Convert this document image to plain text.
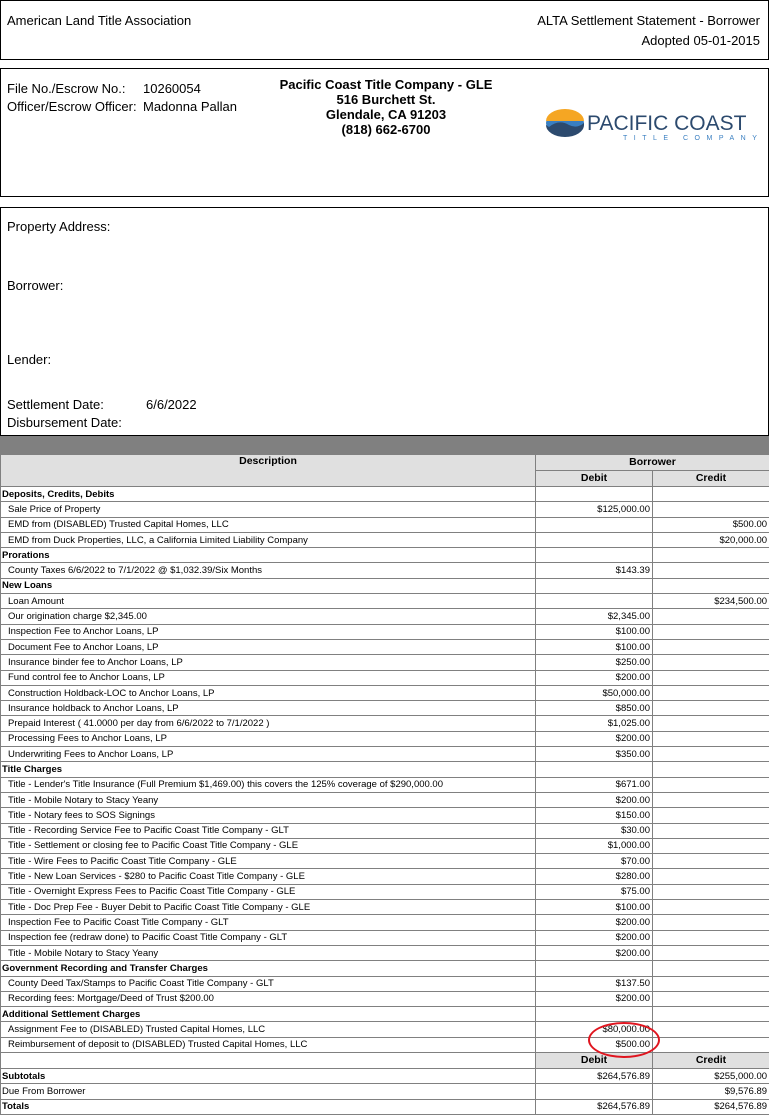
American Land Title Association	ALTA Settlement Statement - Borrower
Adopted 05-01-2015
File No./Escrow No.: 10260054
Officer/Escrow Officer: Madonna Pallan
Pacific Coast Title Company - GLE
516 Burchett St.
Glendale, CA 91203
(818) 662-6700	PACIFIC COAST
TITLE COMPANY
Property Address:
Borrower:
Lender:
Settlement Date:	6/6/2022
Disbursement Date:

Description	Borrower	
	Debit	Credit
Deposits, Credits, Debits		
Sale Price of Property	$125,000.00	
EMD from (DISABLED) Trusted Capital Homes, LLC		$500.00
EMD from Duck Properties, LLC, a California Limited Liability Company		$20,000.00
Prorations		
County Taxes 6/6/2022 to 7/1/2022 @ $1,032.39/Six Months	$143.39	
New Loans		
Loan Amount		$234,500.00
Our origination charge $2,345.00	$2,345.00	
Inspection Fee to Anchor Loans, LP	$100.00	
Document Fee to Anchor Loans, LP	$100.00	
Insurance binder fee to Anchor Loans, LP	$250.00	
Fund control fee to Anchor Loans, LP	$200.00	
Construction Holdback-LOC to Anchor Loans, LP	$50,000.00	
Insurance holdback to Anchor Loans, LP	$850.00	
Prepaid Interest ( 41.0000 per day from 6/6/2022 to 7/1/2022 )	$1,025.00	
Processing Fees to Anchor Loans, LP	$200.00	
Underwriting Fees to Anchor Loans, LP	$350.00	
Title Charges		
Title - Lender's Title Insurance (Full Premium $1,469.00) this covers the 125% coverage of $290,000.00	$671.00	
Title - Mobile Notary to Stacy Yeany	$200.00	
Title - Notary fees to SOS Signings	$150.00	
Title - Recording Service Fee to Pacific Coast Title Company - GLT	$30.00	
Title - Settlement or closing fee to Pacific Coast Title Company - GLE	$1,000.00	
Title - Wire Fees to Pacific Coast Title Company - GLE	$70.00	
Title - New Loan Services - $280 to Pacific Coast Title Company - GLE	$280.00	
Title - Overnight Express Fees to Pacific Coast Title Company - GLE	$75.00	
Title - Doc Prep Fee - Buyer Debit to Pacific Coast Title Company - GLE	$100.00	
Inspection Fee to Pacific Coast Title Company - GLT	$200.00	
Inspection fee (redraw done) to Pacific Coast Title Company - GLT	$200.00	
Title - Mobile Notary to Stacy Yeany	$200.00	
Government Recording and Transfer Charges		
County Deed Tax/Stamps to Pacific Coast Title Company - GLT	$137.50	
Recording fees: Mortgage/Deed of Trust $200.00	$200.00	
Additional Settlement Charges		
Assignment Fee to (DISABLED) Trusted Capital Homes, LLC	$80,000.00	
Reimbursement of deposit to (DISABLED) Trusted Capital Homes, LLC	$500.00	
	Debit	Credit
Subtotals	$264,576.89	$255,000.00
Due From Borrower		$9,576.89
Totals	$264,576.89	$264,576.89
